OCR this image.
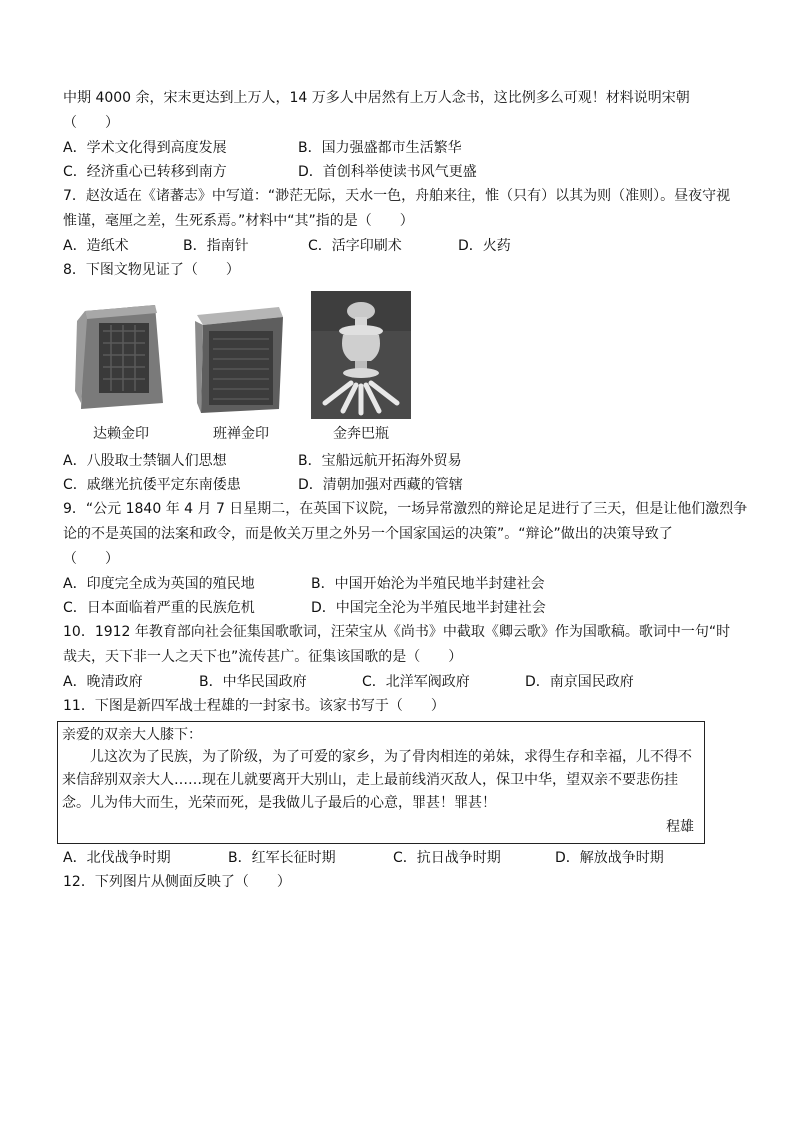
中期 4000 余，宋末更达到上万人，14 万多人中居然有上万人念书，这比例多么可观！材料说明宋朝
（　　）
A．学术文化得到高度发展	B．国力强盛都市生活繁华
C．经济重心已转移到南方	D．首创科举使读书风气更盛
7．赵汝适在《诸蕃志》中写道：“渺茫无际，天水一色，舟舶来往，惟（只有）以其为则（准则）。昼夜守视
惟谨，毫厘之差，生死系焉。”材料中“其”指的是（　　）
A．造纸术	B．指南针	C．活字印刷术	D．火药
8．下图文物见证了（　　）
达赖金印	班禅金印	金奔巴瓶
A．八股取士禁锢人们思想	B．宝船远航开拓海外贸易
C．戚继光抗倭平定东南倭患	D．清朝加强对西藏的管辖
9．“公元 1840 年 4 月 7 日星期二，在英国下议院，一场异常激烈的辩论足足进行了三天，但是让他们激烈争
论的不是英国的法案和政令，而是攸关万里之外另一个国家国运的决策”。“辩论”做出的决策导致了
（　　）
A．印度完全成为英国的殖民地	B．中国开始沦为半殖民地半封建社会
C．日本面临着严重的民族危机	D．中国完全沦为半殖民地半封建社会
10．1912 年教育部向社会征集国歌歌词，汪荣宝从《尚书》中截取《卿云歌》作为国歌稿。歌词中一句“时
哉夫，天下非一人之天下也”流传甚广。征集该国歌的是（　　）
A．晚清政府	B．中华民国政府	C．北洋军阀政府	D．南京国民政府
11．下图是新四军战士程雄的一封家书。该家书写于（　　）
亲爱的双亲大人膝下：
儿这次为了民族，为了阶级，为了可爱的家乡，为了骨肉相连的弟妹，求得生存和幸福，儿不得不来信辞别双亲大人……现在儿就要离开大别山，走上最前线消灭敌人，保卫中华，望双亲不要悲伤挂念。儿为伟大而生，光荣而死，是我做儿子最后的心意，罪甚！罪甚！
程雄
A．北伐战争时期	B．红军长征时期	C．抗日战争时期	D．解放战争时期
12．下列图片从侧面反映了（　　）
